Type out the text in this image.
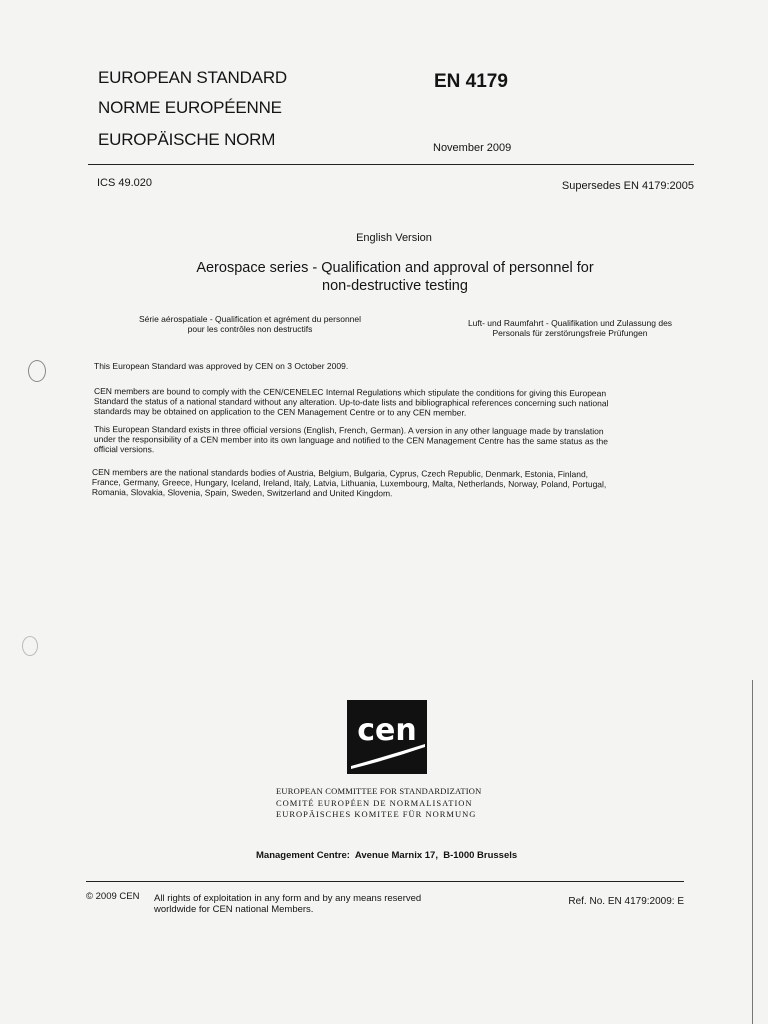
EUROPEAN STANDARD
NORME EUROPÉENNE
EUROPÄISCHE NORM
EN 4179
November 2009
ICS 49.020	Supersedes EN 4179:2005
English Version
Aerospace series - Qualification and approval of personnel for
non-destructive testing
Série aérospatiale - Qualification et agrément du personnel
pour les contrôles non destructifs
Luft- und Raumfahrt - Qualifikation und Zulassung des
Personals für zerstörungsfreie Prüfungen
This European Standard was approved by CEN on 3 October 2009.
CEN members are bound to comply with the CEN/CENELEC Internal Regulations which stipulate the conditions for giving this European
Standard the status of a national standard without any alteration. Up-to-date lists and bibliographical references concerning such national
standards may be obtained on application to the CEN Management Centre or to any CEN member.
This European Standard exists in three official versions (English, French, German). A version in any other language made by translation
under the responsibility of a CEN member into its own language and notified to the CEN Management Centre has the same status as the
official versions.
CEN members are the national standards bodies of Austria, Belgium, Bulgaria, Cyprus, Czech Republic, Denmark, Estonia, Finland,
France, Germany, Greece, Hungary, Iceland, Ireland, Italy, Latvia, Lithuania, Luxembourg, Malta, Netherlands, Norway, Poland, Portugal,
Romania, Slovakia, Slovenia, Spain, Sweden, Switzerland and United Kingdom.
cen
EUROPEAN COMMITTEE FOR STANDARDIZATION
COMITÉ EUROPÉEN DE NORMALISATION
EUROPÄISCHES KOMITEE FÜR NORMUNG
Management Centre:  Avenue Marnix 17,  B-1000 Brussels
© 2009 CEN All rights of exploitation in any form and by any means reserved
worldwide for CEN national Members.
Ref. No. EN 4179:2009: E
